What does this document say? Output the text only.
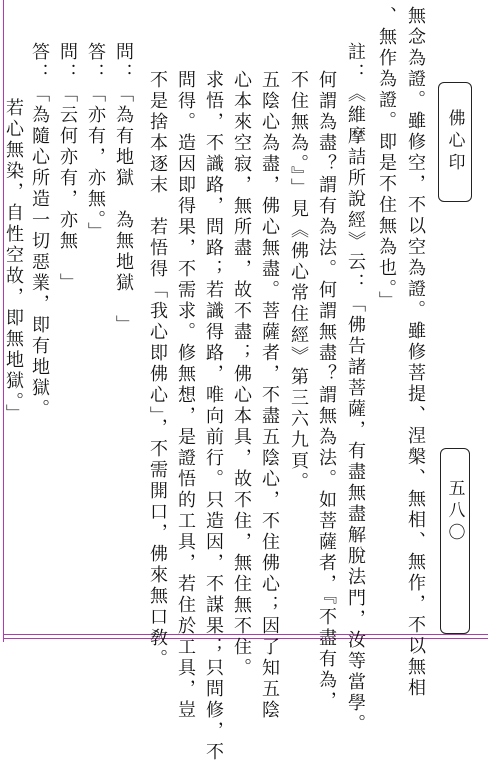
佛心印
五八〇
無念為證。雖修空，不以空為證。雖修菩提、涅槃、無相、無作，不以無相
、無作為證。即是不住無為也。」
註：《維摩詰所說經》云：「佛告諸菩薩，有盡無盡解脫法門，汝等當學。
何謂為盡？謂有為法。何謂無盡？謂無為法。如菩薩者，『不盡有為，
不住無為。』」見《佛心常住經》第三六九頁。
五陰心為盡，佛心無盡。菩薩者，不盡五陰心，不住佛心；因了知五陰
心本來空寂，無所盡，故不盡；佛心本具，故不住，無住無不住。
求悟，不識路，問路；若識得路，唯向前行。只造因，不謀果；只問修，不
問得。造因即得果，不需求。修無想，是證悟的工具，若住於工具，豈
不是捨本逐末　若悟得「我心即佛心」，不需開口，佛來無口敎。
問：「為有地獄　為無地獄　」
答：「亦有，亦無。」
問：「云何亦有，亦無　」
答：「為隨心所造一切惡業，即有地獄。
若心無染，自性空故，即無地獄。」
